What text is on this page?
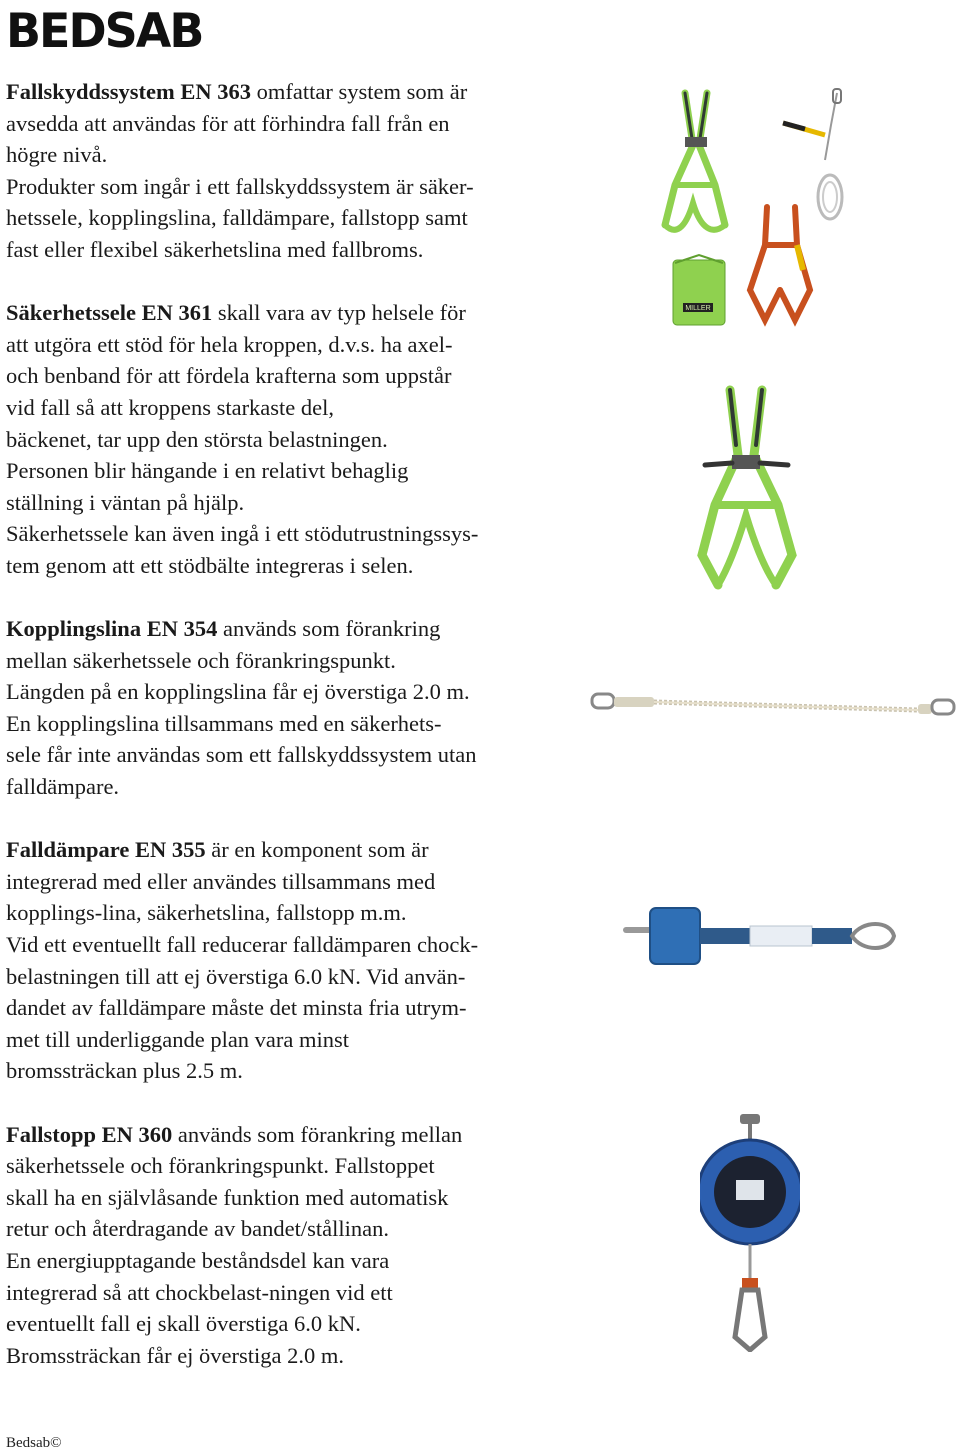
BEDSAB

Fallskyddssystem EN 363 omfattar system som är
avsedda att användas för att förhindra fall från en
högre nivå.
Produkter som ingår i ett fallskyddssystem är säker-
hetssele, kopplingslina, falldämpare, fallstopp samt
fast eller flexibel säkerhetslina med fallbroms.

Säkerhetssele EN 361 skall vara av typ helsele för
att utgöra ett stöd för hela kroppen, d.v.s. ha axel-
och benband för att fördela krafterna som uppstår
vid fall så att kroppens starkaste del,
bäckenet, tar upp den största belastningen.
Personen blir hängande i en relativt behaglig
ställning i väntan på hjälp.
Säkerhetssele kan även ingå i ett stödutrustningssys-
tem genom att ett stödbälte integreras i selen.

Kopplingslina EN 354 används som förankring
mellan säkerhetssele och förankringspunkt.
Längden på en kopplingslina får ej överstiga 2.0 m.
En kopplingslina tillsammans med en säkerhets-
sele får inte användas som ett fallskyddssystem utan
falldämpare.

Falldämpare EN 355 är en komponent som är
integrerad med eller användes tillsammans med
kopplings-lina, säkerhetslina, fallstopp m.m.
Vid ett eventuellt fall reducerar falldämparen chock-
belastningen till att ej överstiga 6.0 kN. Vid använ-
dandet av falldämpare måste det minsta fria utrym-
met till underliggande plan vara minst
bromssträckan plus 2.5 m.

Fallstopp EN 360 används som förankring mellan
säkerhetssele och förankringspunkt. Fallstoppet
skall ha en självlåsande funktion med automatisk
retur och återdragande av bandet/stållinan.
En energiupptagande beståndsdel kan vara
integrerad så att chockbelast-ningen vid ett
eventuellt fall ej skall överstiga 6.0 kN.
Bromssträckan får ej överstiga 2.0 m.

MILLER
Bedsab©
